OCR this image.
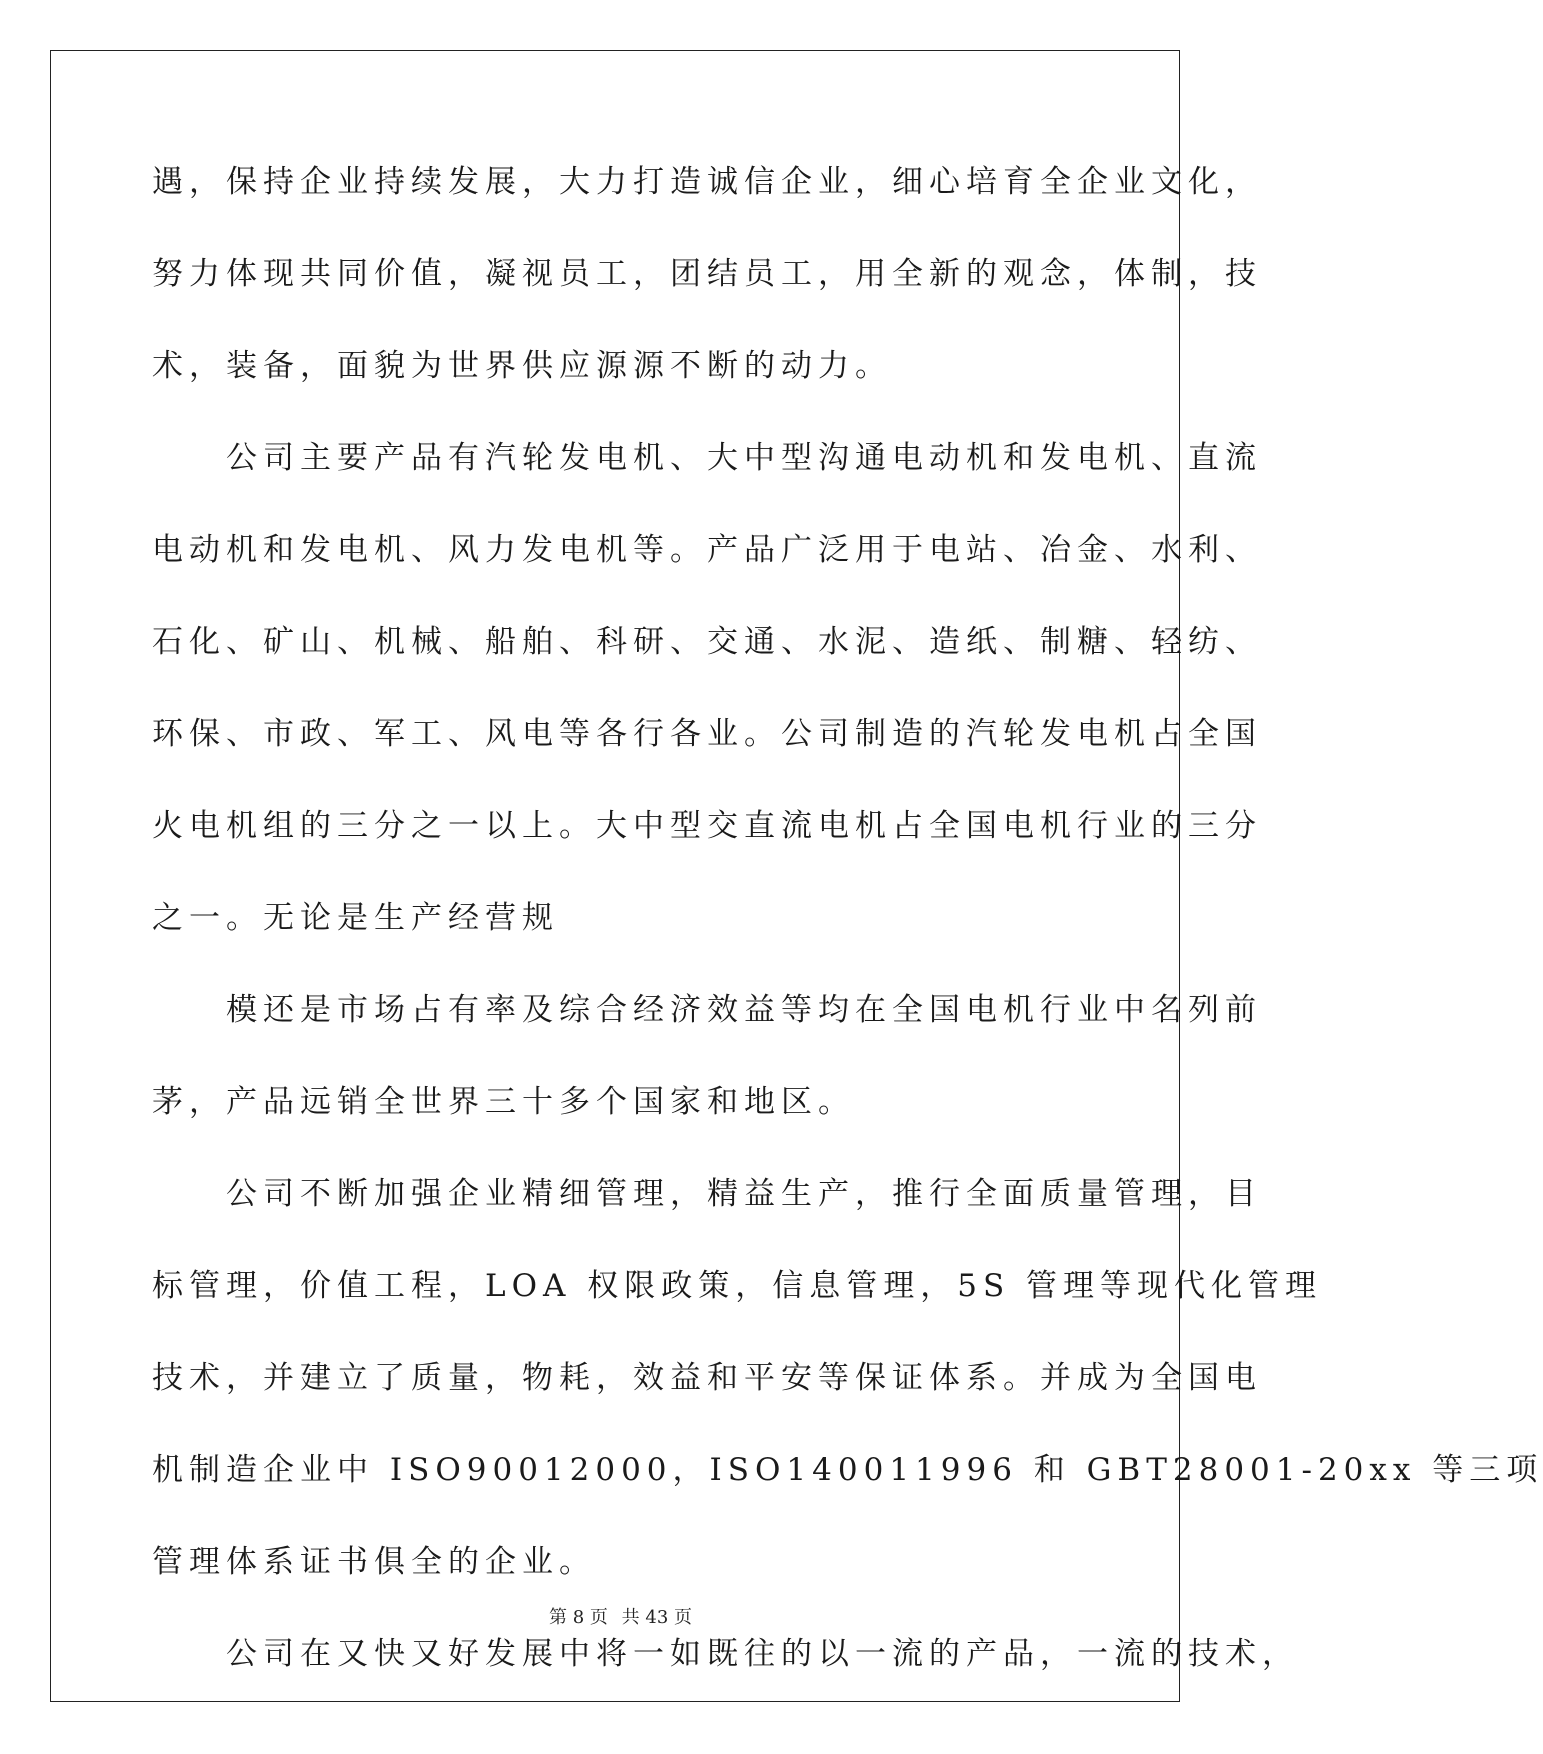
遇，保持企业持续发展，大力打造诚信企业，细心培育全企业文化，
努力体现共同价值，凝视员工，团结员工，用全新的观念，体制，技
术，装备，面貌为世界供应源源不断的动力。
　　公司主要产品有汽轮发电机、大中型沟通电动机和发电机、直流
电动机和发电机、风力发电机等。产品广泛用于电站、冶金、水利、
石化、矿山、机械、船舶、科研、交通、水泥、造纸、制糖、轻纺、
环保、市政、军工、风电等各行各业。公司制造的汽轮发电机占全国
火电机组的三分之一以上。大中型交直流电机占全国电机行业的三分
之一。无论是生产经营规
　　模还是市场占有率及综合经济效益等均在全国电机行业中名列前
茅，产品远销全世界三十多个国家和地区。
　　公司不断加强企业精细管理，精益生产，推行全面质量管理，目
标管理，价值工程，LOA 权限政策，信息管理，5S 管理等现代化管理
技术，并建立了质量，物耗，效益和平安等保证体系。并成为全国电
机制造企业中 ISO90012000，ISO140011996 和 GBT28001-20xx 等三项
管理体系证书俱全的企业。
　　公司在又快又好发展中将一如既往的以一流的产品，一流的技术，
第 8 页 共 43 页
